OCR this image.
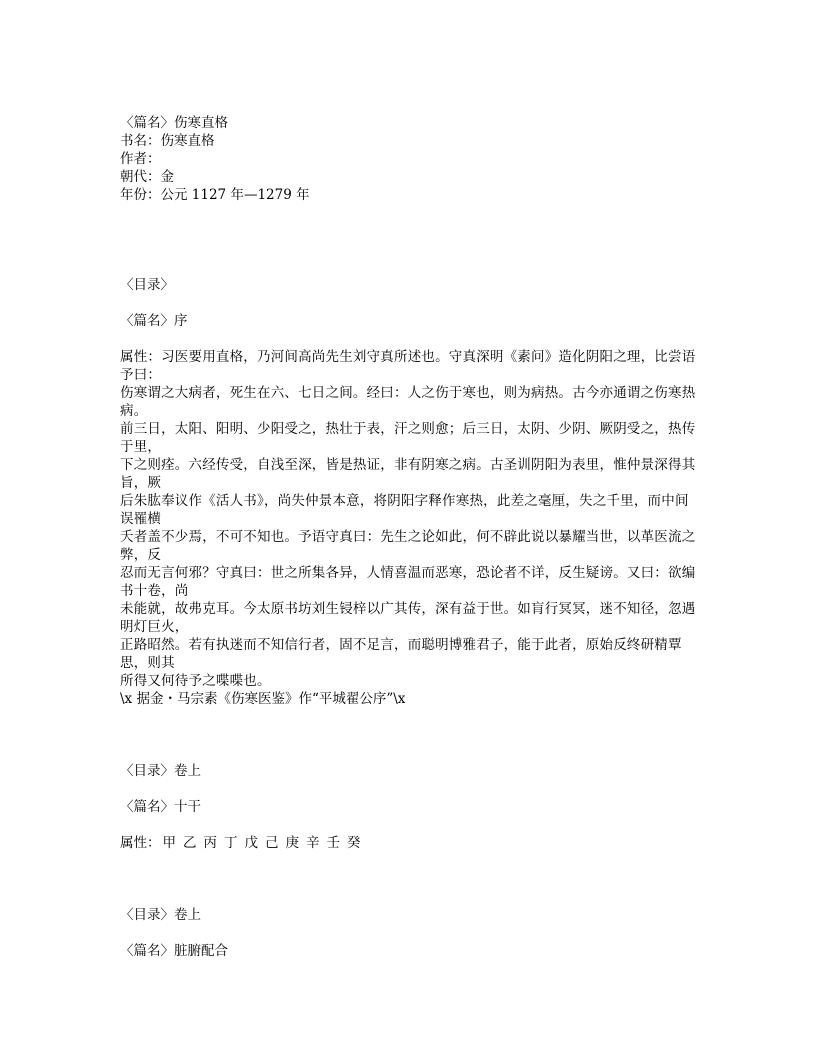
〈篇名〉伤寒直格

书名：伤寒直格

作者：

朝代：金

年份：公元 1127 年—1279 年

〈目录〉

〈篇名〉序

属性：习医要用直格，乃河间高尚先生刘守真所述也。守真深明《素问》造化阴阳之理，比尝语予曰：

伤寒谓之大病者，死生在六、七日之间。经曰：人之伤于寒也，则为病热。古今亦通谓之伤寒热病。

前三日，太阳、阳明、少阳受之，热壮于表，汗之则愈；后三日，太阴、少阴、厥阴受之，热传于里，

下之则痊。六经传受，自浅至深，皆是热证，非有阴寒之病。古圣训阴阳为表里，惟仲景深得其旨，厥

后朱肱奉议作《活人书》，尚失仲景本意，将阴阳字释作寒热，此差之毫厘，失之千里，而中间误罹横

夭者盖不少焉，不可不知也。予语守真曰：先生之论如此，何不辟此说以暴耀当世，以革医流之弊，反

忍而无言何邪？守真曰：世之所集各异，人情喜温而恶寒，恐论者不详，反生疑谤。又曰：欲编书十卷，尚

未能就，故弗克耳。今太原书坊刘生锓梓以广其传，深有益于世。如肓行冥冥，迷不知径，忽遇明灯巨火，

正路昭然。若有执迷而不知信行者，固不足言，而聪明博雅君子，能于此者，原始反终研精覃思，则其

所得又何待予之喋喋也。

\x 据金・马宗素《伤寒医鉴》作“平城翟公序”\x

〈目录〉卷上

〈篇名〉十干

属性： 甲 乙 丙 丁 戊 己 庚 辛 壬 癸

〈目录〉卷上

〈篇名〉脏腑配合
